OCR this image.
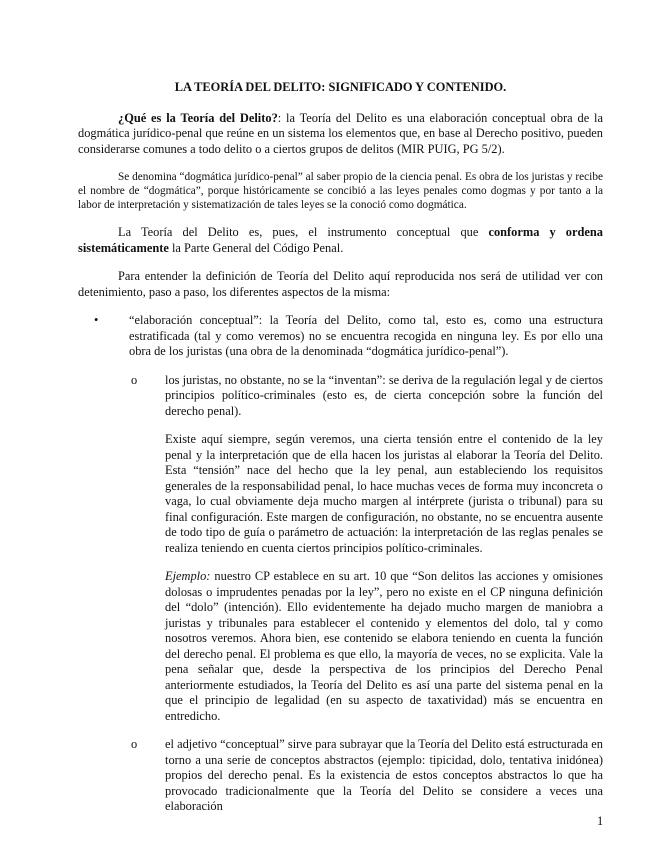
LA TEORÍA DEL DELITO: SIGNIFICADO Y CONTENIDO.

¿Qué es la Teoría del Delito?: la Teoría del Delito es una elaboración conceptual obra de la dogmática jurídico-penal que reúne en un sistema los elementos que, en base al Derecho positivo, pueden considerarse comunes a todo delito o a ciertos grupos de delitos (MIR PUIG, PG 5/2).

Se denomina “dogmática jurídico-penal” al saber propio de la ciencia penal. Es obra de los juristas y recibe el nombre de “dogmática”, porque históricamente se concibió a las leyes penales como dogmas y por tanto a la labor de interpretación y sistematización de tales leyes se la conoció como dogmática.

La Teoría del Delito es, pues, el instrumento conceptual que conforma y ordena sistemáticamente la Parte General del Código Penal.

Para entender la definición de Teoría del Delito aquí reproducida nos será de utilidad ver con detenimiento, paso a paso, los diferentes aspectos de la misma:

• “elaboración conceptual”: la Teoría del Delito, como tal, esto es, como una estructura estratificada (tal y como veremos) no se encuentra recogida en ninguna ley. Es por ello una obra de los juristas (una obra de la denominada “dogmática jurídico-penal”).
o los juristas, no obstante, no se la “inventan”: se deriva de la regulación legal y de ciertos principios político-criminales (esto es, de cierta concepción sobre la función del derecho penal).
Existe aquí siempre, según veremos, una cierta tensión entre el contenido de la ley penal y la interpretación que de ella hacen los juristas al elaborar la Teoría del Delito. Esta “tensión” nace del hecho que la ley penal, aun estableciendo los requisitos generales de la responsabilidad penal, lo hace muchas veces de forma muy inconcreta o vaga, lo cual obviamente deja mucho margen al intérprete (jurista o tribunal) para su final configuración. Este margen de configuración, no obstante, no se encuentra ausente de todo tipo de guía o parámetro de actuación: la interpretación de las reglas penales se realiza teniendo en cuenta ciertos principios político-criminales.
Ejemplo: nuestro CP establece en su art. 10 que “Son delitos las acciones y omisiones dolosas o imprudentes penadas por la ley”, pero no existe en el CP ninguna definición del “dolo” (intención). Ello evidentemente ha dejado mucho margen de maniobra a juristas y tribunales para establecer el contenido y elementos del dolo, tal y como nosotros veremos. Ahora bien, ese contenido se elabora teniendo en cuenta la función del derecho penal. El problema es que ello, la mayoría de veces, no se explicita. Vale la pena señalar que, desde la perspectiva de los principios del Derecho Penal anteriormente estudiados, la Teoría del Delito es así una parte del sistema penal en la que el principio de legalidad (en su aspecto de taxatividad) más se encuentra en entredicho.
o el adjetivo “conceptual” sirve para subrayar que la Teoría del Delito está estructurada en torno a una serie de conceptos abstractos (ejemplo: tipicidad, dolo, tentativa inidónea) propios del derecho penal. Es la existencia de estos conceptos abstractos lo que ha provocado tradicionalmente que la Teoría del Delito se considere a veces una elaboración
1
